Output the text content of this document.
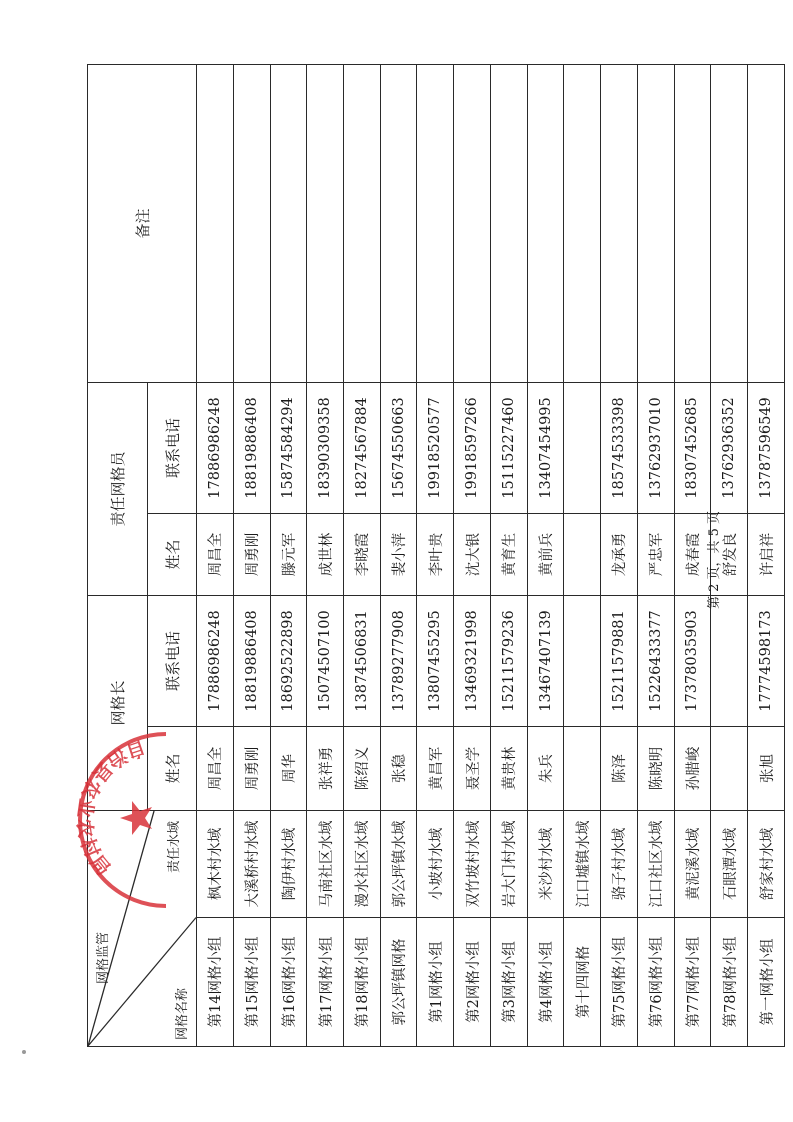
网格监管
网格名称
责任水域		网格长		责任网格员		备注
		姓名	联系电话	姓名	联系电话	
第14网格小组	枫木村水域	周昌全	17886986248	周昌全	17886986248	
第15网格小组	大溪桥村水域	周勇刚	18819886408	周勇刚	18819886408	
第16网格小组	陶伊村水域	周华	18692522898	滕元军	15874584294	
第17网格小组	马南社区水域	张祥勇	15074507100	成世林	18390309358	
第18网格小组	漫水社区水域	陈绍义	13874506831	李晓霞	18274567884	
郭公坪镇网格	郭公坪镇水域	张稳	13789277908	裴小萍	15674550663	
第1网格小组	小坡村水域	黄昌军	13807455295	李叶贵	19918520577	
第2网格小组	双竹坡村水域	聂圣学	13469321998	沈大银	19918597266	
第3网格小组	岩大门村水域	黄贵林	15211579236	黄育生	15115227460	
第4网格小组	米沙村水域	朱兵	13467407139	黄前兵	13407454995	
第十四网格	江口墟镇水域					
第75网格小组	骆子村水域	陈泽	15211579881	龙承勇	18574533398	
第76网格小组	江口社区水域	陈晓明	15226433377	严忠军	13762937010	
第77网格小组	黄泥溪水域	孙腊峻	17378035903	成春霞	18307452685	
第78网格小组	石眼潭水域			舒发良	13762936352	
第一网格小组	舒家村水域	张旭	17774598173	许启祥	13787596549	
自治县农业农村局
第 2 页，共 5 页
